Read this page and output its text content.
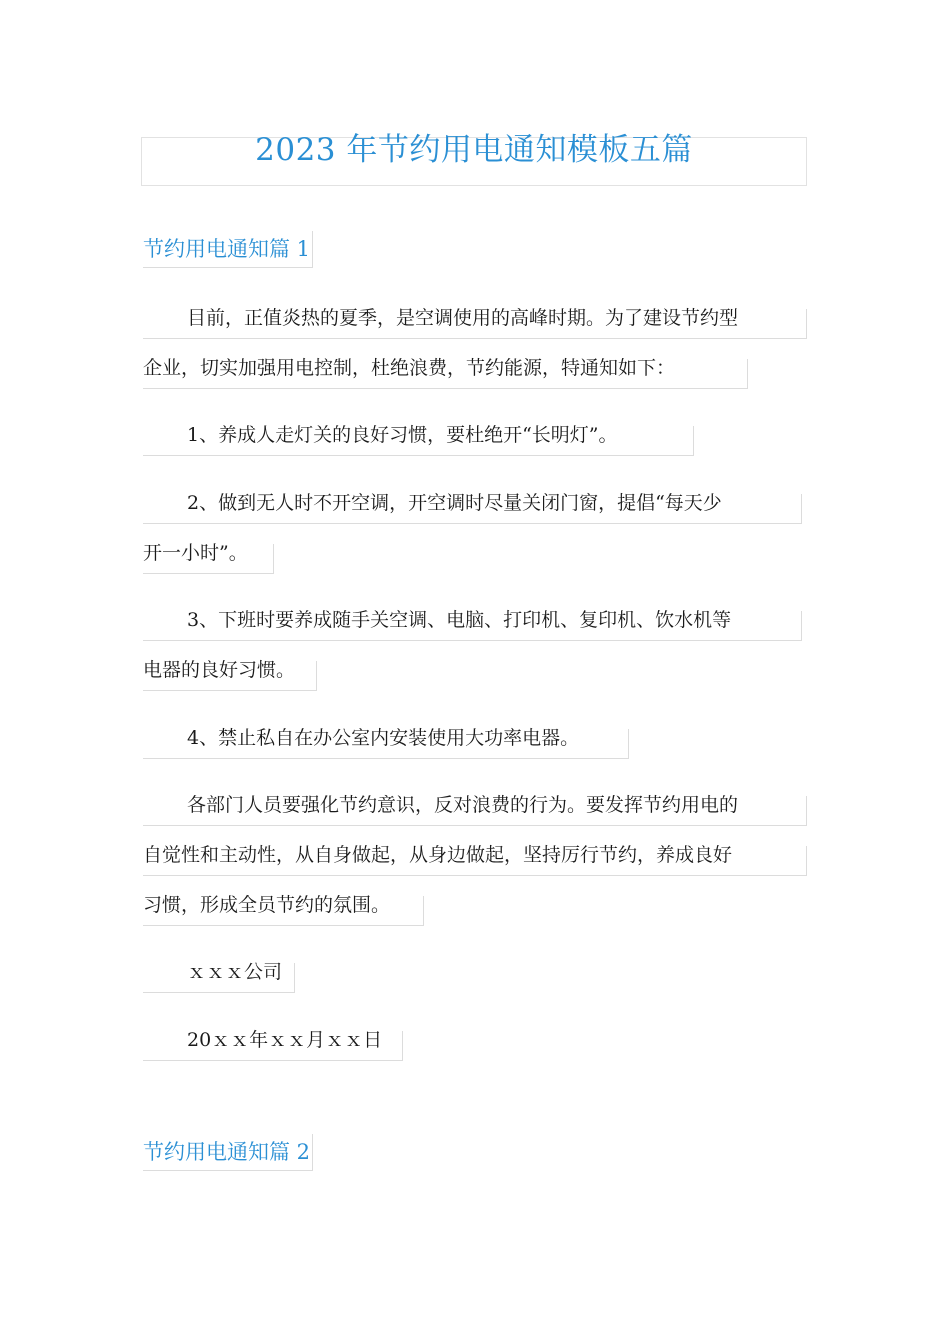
2023 年节约用电通知模板五篇
节约用电通知篇 1
目前，正值炎热的夏季，是空调使用的高峰时期。为了建设节约型
企业，切实加强用电控制，杜绝浪费，节约能源，特通知如下：
1、养成人走灯关的良好习惯，要杜绝开“长明灯”。
2、做到无人时不开空调，开空调时尽量关闭门窗，提倡“每天少
开一小时”。
3、下班时要养成随手关空调、电脑、打印机、复印机、饮水机等
电器的良好习惯。
4、禁止私自在办公室内安装使用大功率电器。
各部门人员要强化节约意识，反对浪费的行为。要发挥节约用电的
自觉性和主动性，从自身做起，从身边做起，坚持厉行节约，养成良好
习惯，形成全员节约的氛围。
ｘｘｘ公司
20ｘｘ年ｘｘ月ｘｘ日
节约用电通知篇 2
